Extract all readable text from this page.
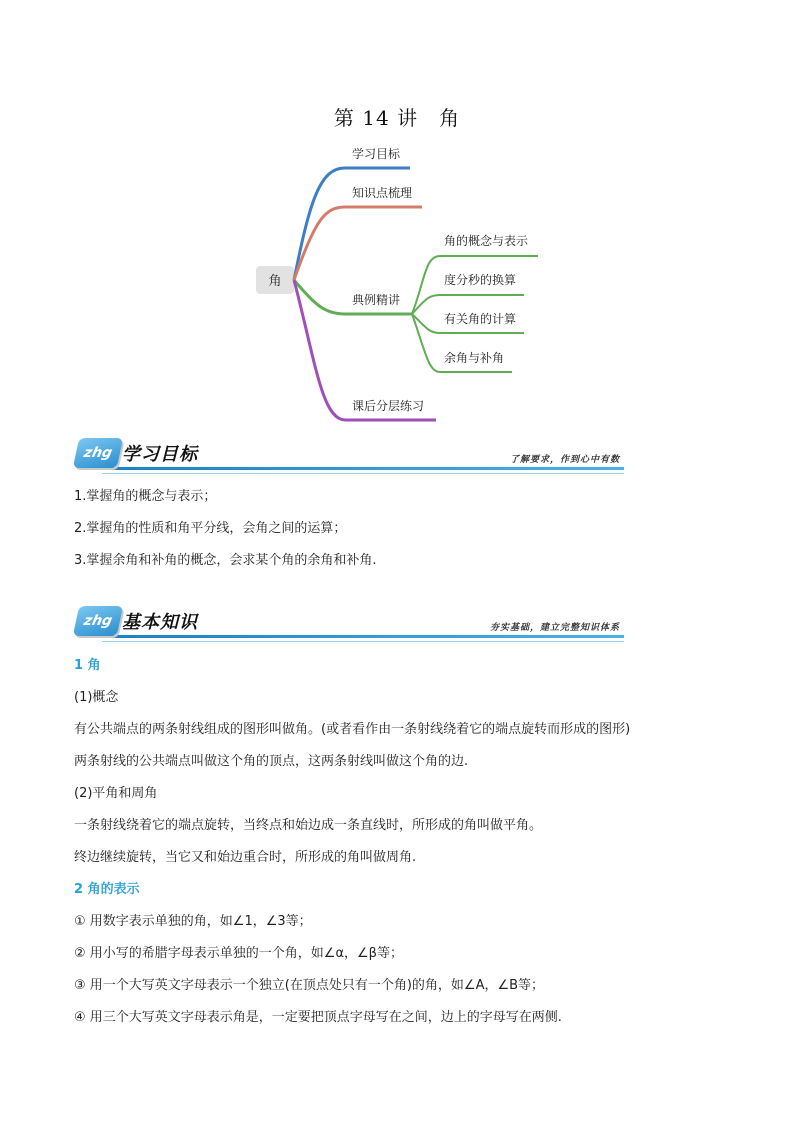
第 14 讲　角
角
学习目标
知识点梳理
典例精讲
角的概念与表示
度分秒的换算
有关角的计算
余角与补角
课后分层练习
zhg 学习目标	了解要求，作到心中有数
1.掌握角的概念与表示；
2.掌握角的性质和角平分线，会角之间的运算；
3.掌握余角和补角的概念，会求某个角的余角和补角.
zhg 基本知识	夯实基础，建立完整知识体系
1 角
(1)概念
有公共端点的两条射线组成的图形叫做角。(或者看作由一条射线绕着它的端点旋转而形成的图形)
两条射线的公共端点叫做这个角的顶点，这两条射线叫做这个角的边.
(2)平角和周角
一条射线绕着它的端点旋转，当终点和始边成一条直线时，所形成的角叫做平角。
终边继续旋转，当它又和始边重合时，所形成的角叫做周角.
2 角的表示
① 用数字表示单独的角，如∠1，∠3等；
② 用小写的希腊字母表示单独的一个角，如∠α，∠β等；
③ 用一个大写英文字母表示一个独立(在顶点处只有一个角)的角，如∠A，∠B等；
④ 用三个大写英文字母表示角是，一定要把顶点字母写在之间，边上的字母写在两侧.
